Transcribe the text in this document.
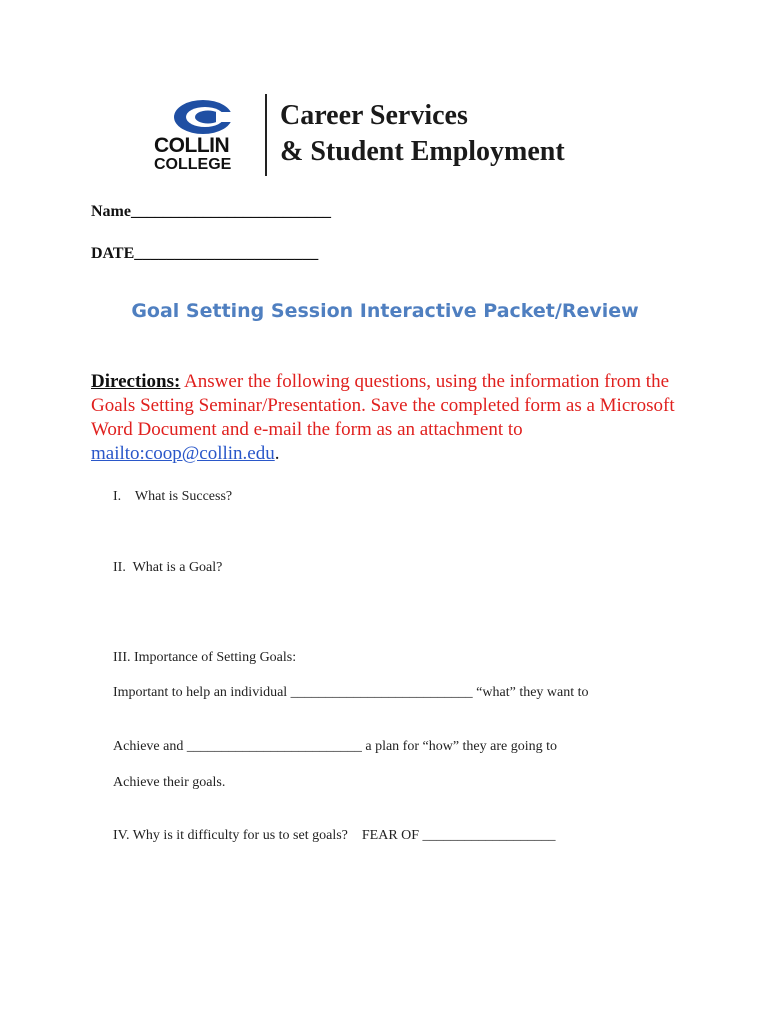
COLLIN
COLLEGE
Career Services
& Student Employment
Name_________________________
DATE_______________________
Goal Setting Session Interactive Packet/Review
Directions: Answer the following questions, using the information from the Goals Setting Seminar/Presentation. Save the completed form as a Microsoft Word Document and e-mail the form as an attachment to mailto:coop@collin.edu.
I.    What is Success?
II.  What is a Goal?
III. Importance of Setting Goals:
Important to help an individual __________________________ “what” they want to
Achieve and _________________________ a plan for “how” they are going to
Achieve their goals.
IV. Why is it difficulty for us to set goals?    FEAR OF ___________________
